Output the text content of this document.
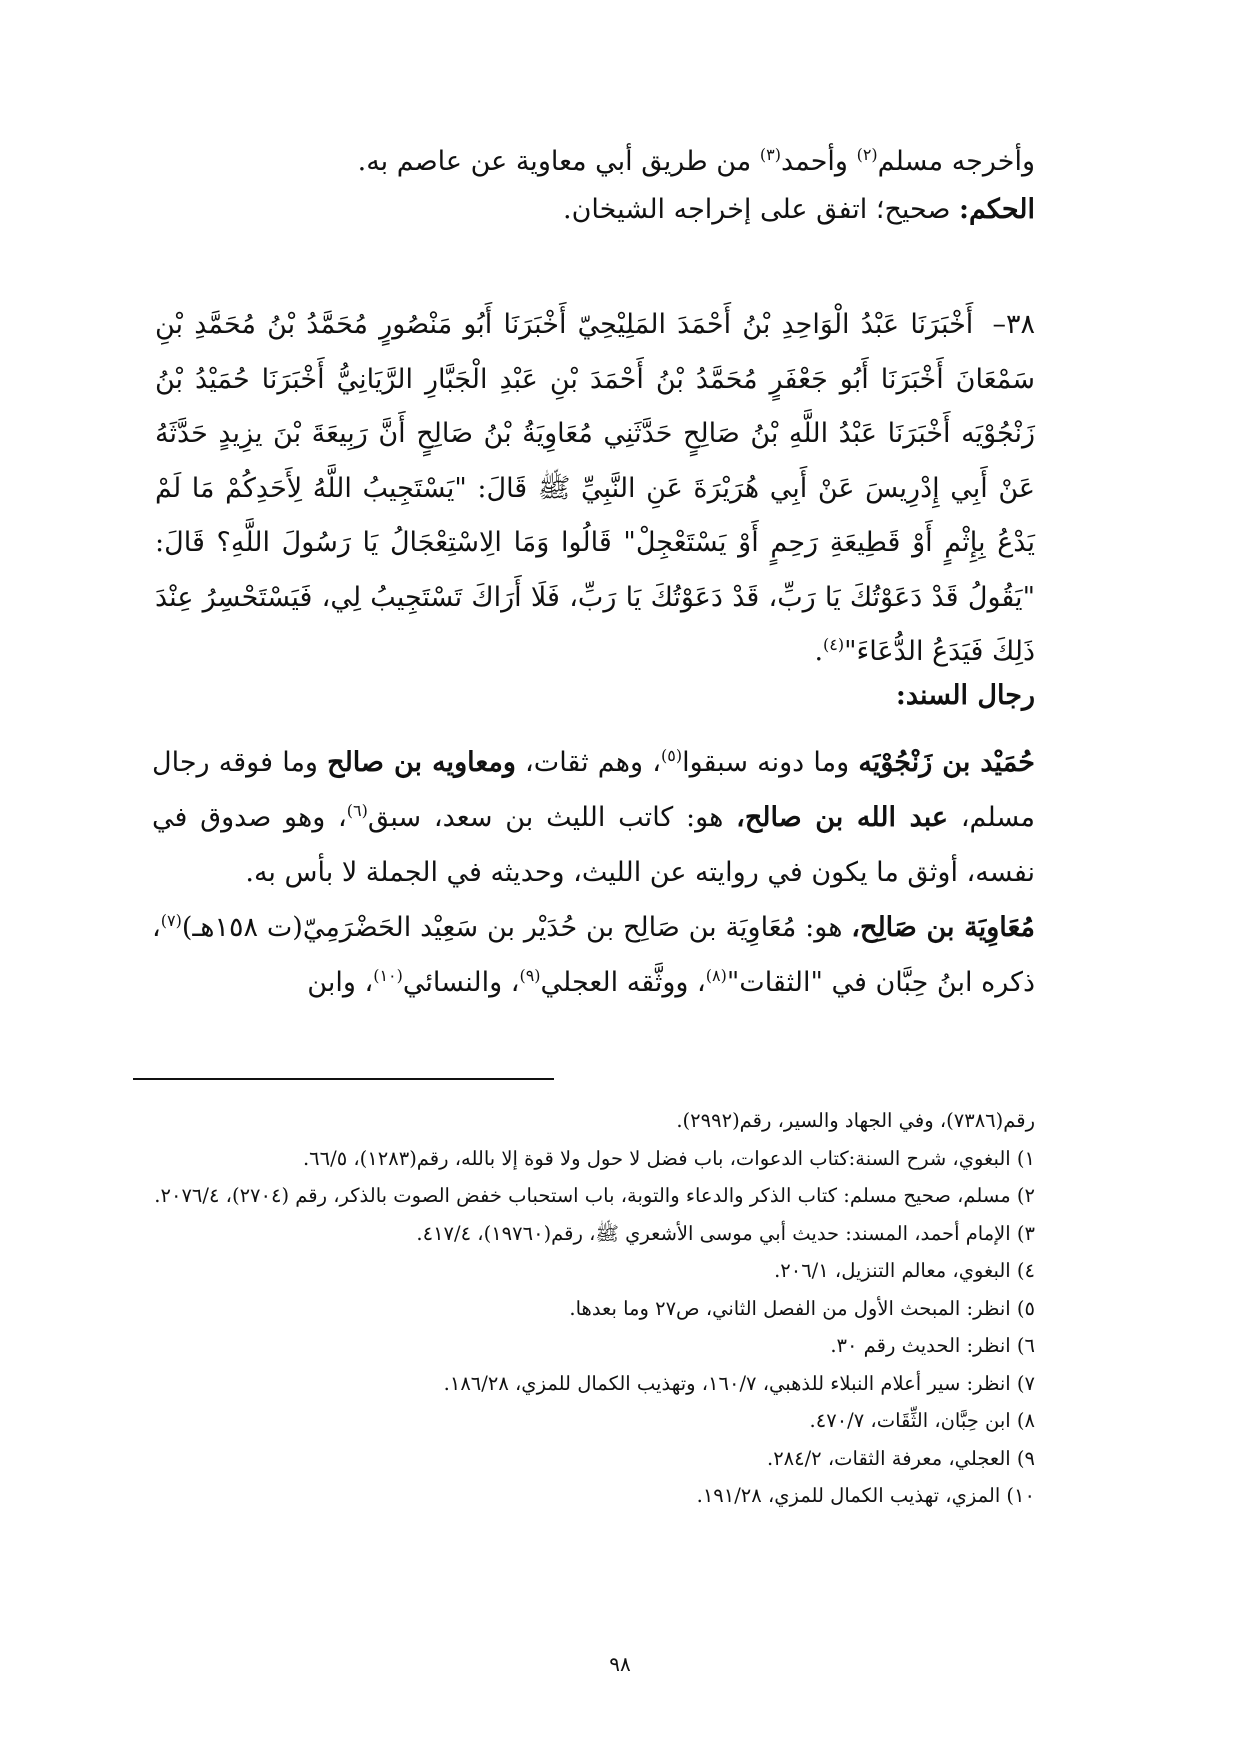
وأخرجه مسلم$^{(٢)}$ وأحمد$^{(٣)}$ من طريق أبي معاوية عن عاصم به.
الحكم: صحيح؛ اتفق على إخراجه الشيخان.
٣٨– أَخْبَرَنَا عَبْدُ الْوَاحِدِ بْنُ أَحْمَدَ المَلِيْحِيّ أَخْبَرَنَا أَبُو مَنْصُورٍ مُحَمَّدُ بْنُ مُحَمَّدِ بْنِ سَمْعَانَ أَخْبَرَنَا أَبُو جَعْفَرٍ مُحَمَّدُ بْنُ أَحْمَدَ بْنِ عَبْدِ الْجَبَّارِ الرَّيَانِيُّ أَخْبَرَنَا حُمَيْدُ بْنُ زَنْجُوْيَه أَخْبَرَنَا عَبْدُ اللَّهِ بْنُ صَالِحٍ حَدَّثَنِي مُعَاوِيَةُ بْنُ صَالِحٍ أَنَّ رَبِيعَةَ بْنَ يزِيدٍ حَدَّثَهُ عَنْ أَبِي إِدْرِيسَ عَنْ أَبِي هُرَيْرَةَ عَنِ النَّبِيِّ ﷺ قَالَ: "يَسْتَجِيبُ اللَّهُ لِأَحَدِكُمْ مَا لَمْ يَدْعُ بِإِثْمٍ أَوْ قَطِيعَةِ رَحِمٍ أَوْ يَسْتَعْجِلْ" قَالُوا وَمَا الِاسْتِعْجَالُ يَا رَسُولَ اللَّهِ؟ قَالَ: "يَقُولُ قَدْ دَعَوْتُكَ يَا رَبِّ، قَدْ دَعَوْتُكَ يَا رَبِّ، فَلَا أَرَاكَ تَسْتَجِيبُ لِي، فَيَسْتَحْسِرُ عِنْدَ ذَلِكَ فَيَدَعُ الدُّعَاءَ"$^{(٤)}$.
رجال السند:
حُمَيْد بن زَنْجُوْيَه وما دونه سبقوا$^{(٥)}$، وهم ثقات، ومعاويه بن صالح وما فوقه رجال مسلم، عبد الله بن صالح، هو: كاتب الليث بن سعد، سبق$^{(٦)}$، وهو صدوق في نفسه، أوثق ما يكون في روايته عن الليث، وحديثه في الجملة لا بأس به.
مُعَاوِيَة بن صَالِح، هو: مُعَاوِيَة بن صَالِح بن حُدَيْر بن سَعِيْد الحَضْرَمِيّ(ت ١٥٨هـ)$^{(٧)}$، ذكره ابنُ حِبَّان في "الثقات"$^{(٨)}$، ووثَّقه العجلي$^{(٩)}$، والنسائي$^{(١٠)}$، وابن

رقم(٧٣٨٦)، وفي الجهاد والسير، رقم(٢٩٩٢).

١) البغوي، شرح السنة:كتاب الدعوات، باب فضل لا حول ولا قوة إلا بالله، رقم(١٢٨٣)، ٦٦/٥.

٢) مسلم، صحيح مسلم: كتاب الذكر والدعاء والتوبة، باب استحباب خفض الصوت بالذكر، رقم (٢٧٠٤)، ٢٠٧٦/٤.

٣) الإمام أحمد، المسند: حديث أبي موسى الأشعري ﷺ، رقم(١٩٧٦٠)، ٤١٧/٤.

٤) البغوي، معالم التنزيل، ٢٠٦/١.

٥) انظر: المبحث الأول من الفصل الثاني، ص٢٧ وما بعدها.

٦) انظر: الحديث رقم ٣٠.

٧) انظر: سير أعلام النبلاء للذهبي، ١٦٠/٧، وتهذيب الكمال للمزي، ١٨٦/٢٨.

٨) ابن حِبَّان، الثِّقَات، ٤٧٠/٧.

٩) العجلي، معرفة الثقات، ٢٨٤/٢.

١٠) المزي، تهذيب الكمال للمزي، ١٩١/٢٨.

٩٨
